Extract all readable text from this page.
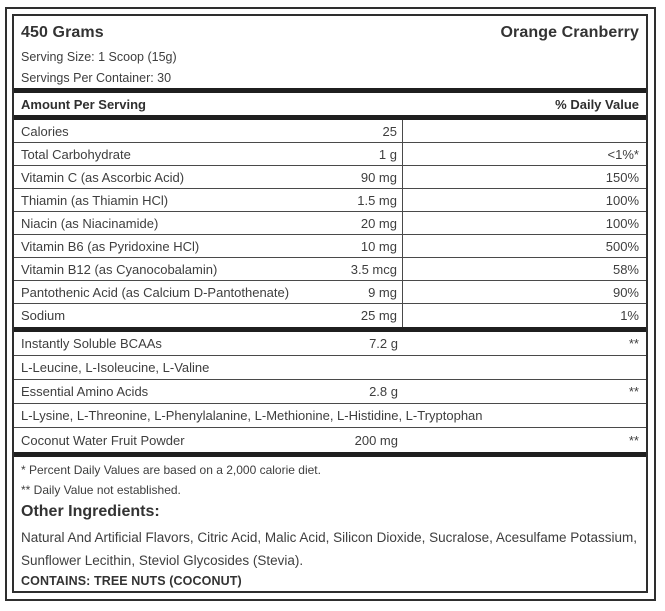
450 Grams	Orange Cranberry
Serving Size: 1 Scoop (15g)
Servings Per Container: 30
Amount Per Serving	% Daily Value
Calories	25
Total Carbohydrate	1 g	<1%*
Vitamin C (as Ascorbic Acid)	90 mg	150%
Thiamin (as Thiamin HCl)	1.5 mg	100%
Niacin (as Niacinamide)	20 mg	100%
Vitamin B6 (as Pyridoxine HCl)	10 mg	500%
Vitamin B12 (as Cyanocobalamin)	3.5 mcg	58%
Pantothenic Acid (as Calcium D-Pantothenate)	9 mg	90%
Sodium	25 mg	1%
Instantly Soluble BCAAs	7.2 g	**
L-Leucine, L-Isoleucine, L-Valine
Essential Amino Acids	2.8 g	**
L-Lysine, L-Threonine, L-Phenylalanine, L-Methionine, L-Histidine, L-Tryptophan
Coconut Water Fruit Powder	200 mg	**
* Percent Daily Values are based on a 2,000 calorie diet.
** Daily Value not established.
Other Ingredients:
Natural And Artificial Flavors, Citric Acid, Malic Acid, Silicon Dioxide, Sucralose, Acesulfame Potassium, Sunflower Lecithin, Steviol Glycosides (Stevia).
CONTAINS: TREE NUTS (COCONUT)
